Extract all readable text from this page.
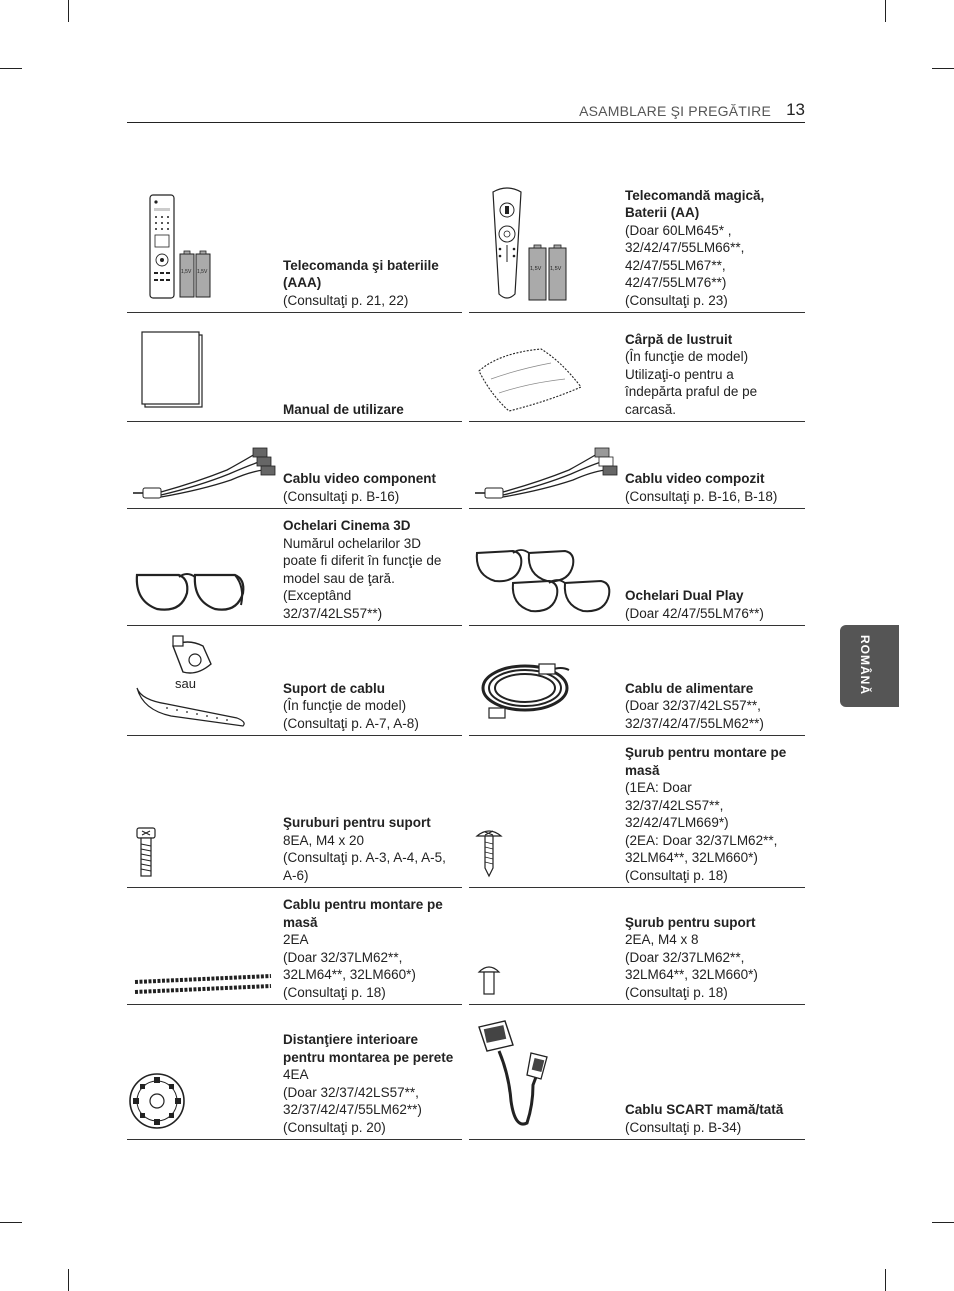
ASAMBLARE ŞI PREGĂTIRE 13
ROMÂNĂ
1,5V 1,5V	Telecomanda şi bateriile (AAA)
(Consultaţi p. 21, 22)
1,5V 1,5V
Telecomandă magică, Baterii (AA)
(Doar 60LM645* ,
32/42/47/55LM66**,
42/47/55LM67**,
42/47/55LM76**)
(Consultaţi p. 23)
Manual de utilizare
Cârpă de lustruit
(În funcţie de model)
Utilizaţi-o pentru a
îndepărta praful de pe
carcasă.
Cablu video component
(Consultaţi p. B-16)
Cablu video compozit
(Consultaţi p. B-16, B-18)
Ochelari Cinema 3D
Numărul ochelarilor 3D
poate fi diferit în funcţie de
model sau de ţară.
(Exceptând
32/37/42LS57**)
Ochelari Dual Play
(Doar 42/47/55LM76**)
sau	Suport de cablu
(În funcţie de model)
(Consultaţi p. A-7, A-8)
Cablu de alimentare
(Doar 32/37/42LS57**,
32/37/42/47/55LM62**)
Şuruburi pentru suport
8EA, M4 x 20
(Consultaţi p. A-3, A-4, A-5,
A-6)
Şurub pentru montare pe masă
(1EA: Doar
32/37/42LS57**,
32/42/47LM669*)
(2EA: Doar 32/37LM62**,
32LM64**, 32LM660*)
(Consultaţi p. 18)
Cablu pentru montare pe masă
2EA
(Doar 32/37LM62**,
32LM64**, 32LM660*)
(Consultaţi p. 18)
Şurub pentru suport
2EA, M4 x 8
(Doar 32/37LM62**,
32LM64**, 32LM660*)
(Consultaţi p. 18)
Distanţiere interioare pentru montarea pe perete
4EA
(Doar 32/37/42LS57**,
32/37/42/47/55LM62**)
(Consultaţi p. 20)
Cablu SCART mamă/tată
(Consultaţi p. B-34)
